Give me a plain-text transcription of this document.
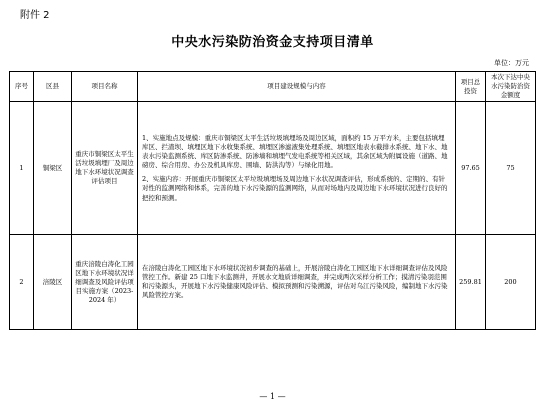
附件 2
中央水污染防治资金支持项目清单
单位：万元
序号	区县	项目名称	项目建设规模与内容	项目总投资	本次下达中央水污染防治资金额度
1	铜梁区	重庆市铜梁区太平生活垃圾填埋厂及周边地下水环境状况调查评估项目	1、实施地点及规模：重庆市铜梁区太平生活垃圾填埋场及周边区域，面积约 15 万平方米，主要包括填埋库区、拦渣坝、填埋区地下水收集系统、填埋区渗滤液集处理系统、填埋区地表水截排水系统、地下水、地表水污染监测系统、库区防渗系统、防渗墙和填埋气发电系统等相关区域，其余区域为附属设施（道路、地磅房、综合用房、办公及机具库房、围墙、防洪沟等）与绿化用地。

2、实施内容：开展重庆市铜梁区太平垃圾填埋场及周边地下水状况调查评估，形成系统的、定期的、有针对性的监测网络和体系，完善的地下水污染源的监测网络，从而对场地内及周边地下水环境状况进行良好的把控和预测。	97.65	75
2	涪陵区	重庆涪陵白涛化工园区地下水环境状况详细调查及风险评估项目实施方案（2023-2024 年）	在涪陵白涛化工园区地下水环境状况初步调查的基础上，开展涪陵白涛化工园区地下水详细调查评估及风险管控工作。新建 25 口地下水监测井，开展水文地质详细调查，并完成两次采样分析工作；摸清污染羽范围和污染源头，开展地下水污染健康风险评估、模拟预测和污染溯源，评估对乌江污染风险，编制地下水污染风险管控方案。	259.81	200
— 1 —
